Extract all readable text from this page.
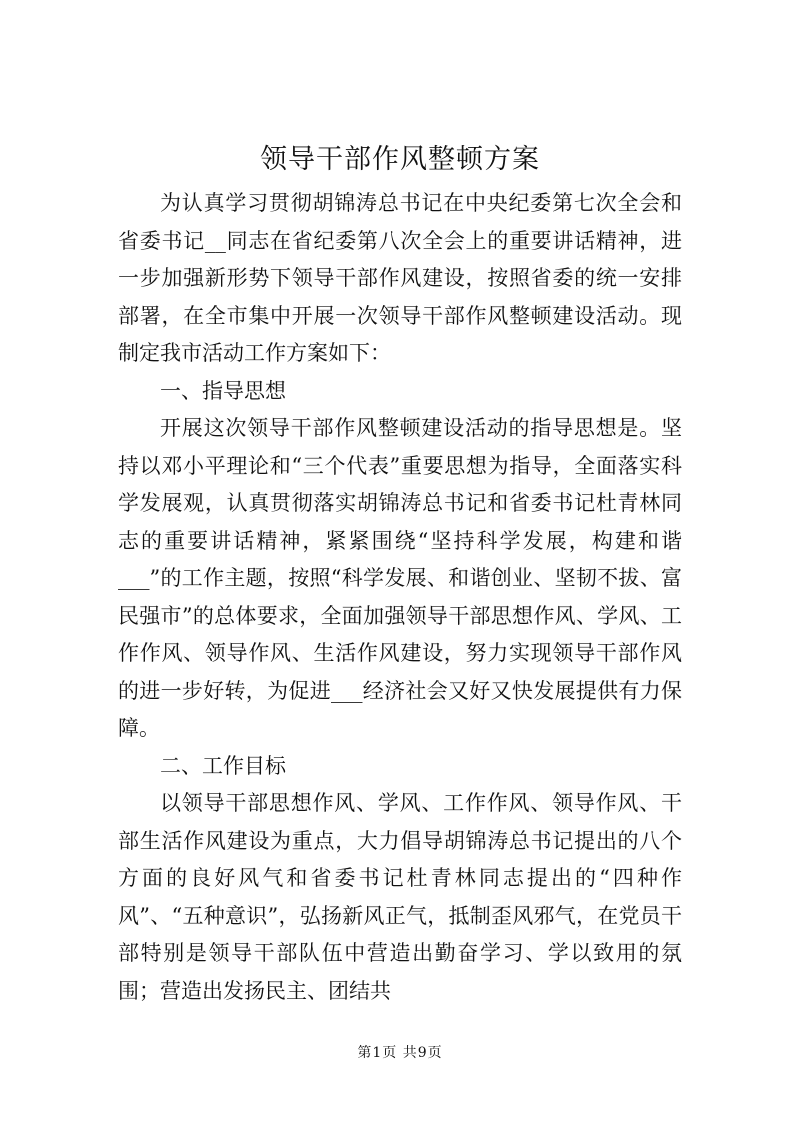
领导干部作风整顿方案

为认真学习贯彻胡锦涛总书记在中央纪委第七次全会和省委书记__同志在省纪委第八次全会上的重要讲话精神，进一步加强新形势下领导干部作风建设，按照省委的统一安排部署，在全市集中开展一次领导干部作风整顿建设活动。现制定我市活动工作方案如下：

一、指导思想

开展这次领导干部作风整顿建设活动的指导思想是。坚持以邓小平理论和“三个代表”重要思想为指导，全面落实科学发展观，认真贯彻落实胡锦涛总书记和省委书记杜青林同志的重要讲话精神，紧紧围绕“坚持科学发展，构建和谐___”的工作主题，按照“科学发展、和谐创业、坚韧不拔、富民强市”的总体要求，全面加强领导干部思想作风、学风、工作作风、领导作风、生活作风建设，努力实现领导干部作风的进一步好转，为促进___经济社会又好又快发展提供有力保障。

二、工作目标

以领导干部思想作风、学风、工作作风、领导作风、干部生活作风建设为重点，大力倡导胡锦涛总书记提出的八个方面的良好风气和省委书记杜青林同志提出的“四种作风”、“五种意识”，弘扬新风正气，抵制歪风邪气，在党员干部特别是领导干部队伍中营造出勤奋学习、学以致用的氛围；营造出发扬民主、团结共

第1页 共9页
